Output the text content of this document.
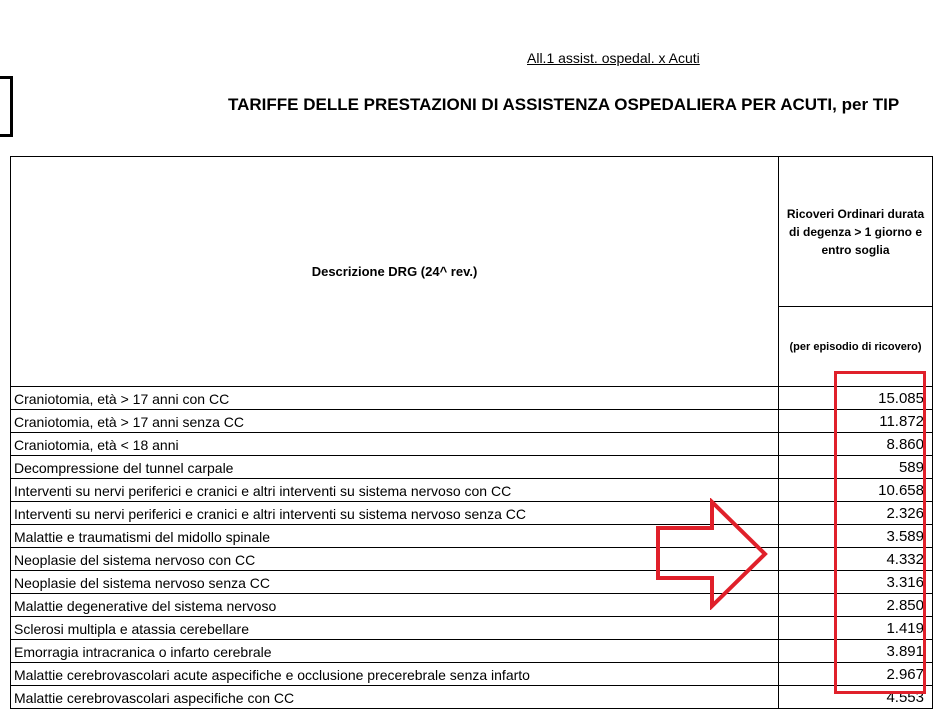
All.1 assist. ospedal. x Acuti
TARIFFE DELLE PRESTAZIONI DI ASSISTENZA OSPEDALIERA PER ACUTI, per TIP
Descrizione DRG (24^ rev.)	Ricoveri Ordinari durata di degenza > 1 giorno e entro soglia
	(per episodio di ricovero)
Craniotomia, età > 17 anni con CC	15.085
Craniotomia, età > 17 anni senza CC	11.872
Craniotomia, età < 18 anni	8.860
Decompressione del tunnel carpale	589
Interventi su nervi periferici e cranici e altri interventi su sistema nervoso con CC	10.658
Interventi su nervi periferici e cranici e altri interventi su sistema nervoso senza CC	2.326
Malattie e traumatismi del midollo spinale	3.589
Neoplasie del sistema nervoso con CC	4.332
Neoplasie del sistema nervoso senza CC	3.316
Malattie degenerative del sistema nervoso	2.850
Sclerosi multipla e atassia cerebellare	1.419
Emorragia intracranica o infarto cerebrale	3.891
Malattie cerebrovascolari acute aspecifiche e occlusione precerebrale senza infarto	2.967
Malattie cerebrovascolari aspecifiche con CC	4.553
